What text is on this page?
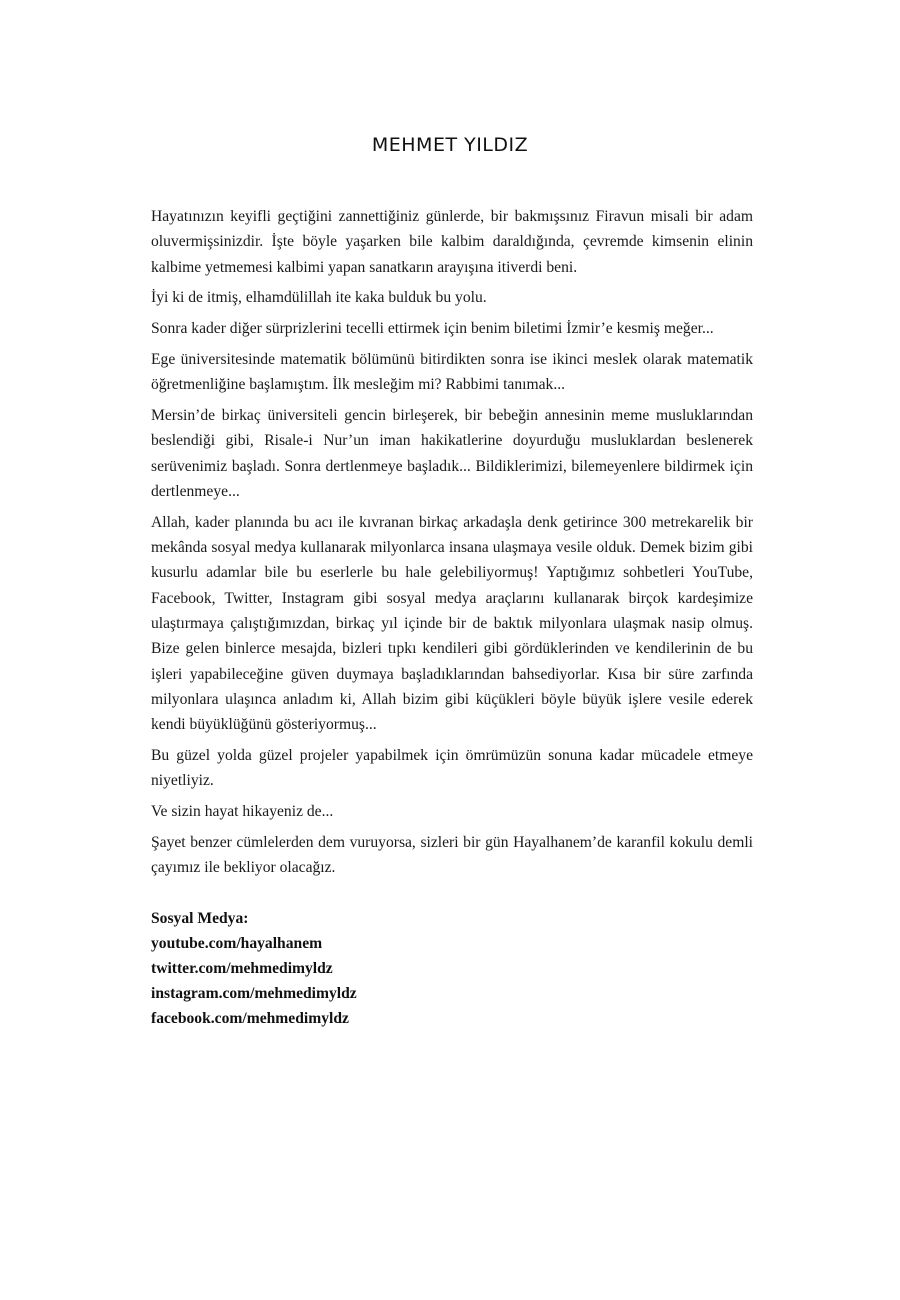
MEHMET YILDIZ

Hayatınızın keyifli geçtiğini zannettiğiniz günlerde, bir bakmışsınız Firavun misali bir adam oluvermişsinizdir. İşte böyle yaşarken bile kalbim daraldığında, çevremde kimsenin elinin kalbime yetmemesi kalbimi yapan sanatkarın arayışına itiverdi beni.

İyi ki de itmiş, elhamdülillah ite kaka bulduk bu yolu.

Sonra kader diğer sürprizlerini tecelli ettirmek için benim biletimi İzmir’e kesmiş meğer...

Ege üniversitesinde matematik bölümünü bitirdikten sonra ise ikinci meslek olarak matematik öğretmenliğine başlamıştım. İlk mesleğim mi? Rabbimi tanımak...

Mersin’de birkaç üniversiteli gencin birleşerek, bir bebeğin annesinin meme musluklarından beslendiği gibi, Risale-i Nur’un iman hakikatlerine doyurduğu musluklardan beslenerek serüvenimiz başladı. Sonra dertlenmeye başladık... Bildiklerimizi, bilemeyenlere bildirmek için dertlenmeye...

Allah, kader planında bu acı ile kıvranan birkaç arkadaşla denk getirince 300 metrekarelik bir mekânda sosyal medya kullanarak milyonlarca insana ulaşmaya vesile olduk. Demek bizim gibi kusurlu adamlar bile bu eserlerle bu hale gelebiliyormuş! Yaptığımız sohbetleri YouTube, Facebook, Twitter, Instagram gibi sosyal medya araçlarını kullanarak birçok kardeşimize ulaştırmaya çalıştığımızdan, birkaç yıl içinde bir de baktık milyonlara ulaşmak nasip olmuş. Bize gelen binlerce mesajda, bizleri tıpkı kendileri gibi gördüklerinden ve kendilerinin de bu işleri yapabileceğine güven duymaya başladıklarından bahsediyorlar. Kısa bir süre zarfında milyonlara ulaşınca anladım ki, Allah bizim gibi küçükleri böyle büyük işlere vesile ederek kendi büyüklüğünü gösteriyormuş...

Bu güzel yolda güzel projeler yapabilmek için ömrümüzün sonuna kadar mücadele etmeye niyetliyiz.

Ve sizin hayat hikayeniz de...

Şayet benzer cümlelerden dem vuruyorsa, sizleri bir gün Hayalhanem’de karanfil kokulu demli çayımız ile bekliyor olacağız.

Sosyal Medya:
youtube.com/hayalhanem
twitter.com/mehmedimyldz
instagram.com/mehmedimyldz
facebook.com/mehmedimyldz
